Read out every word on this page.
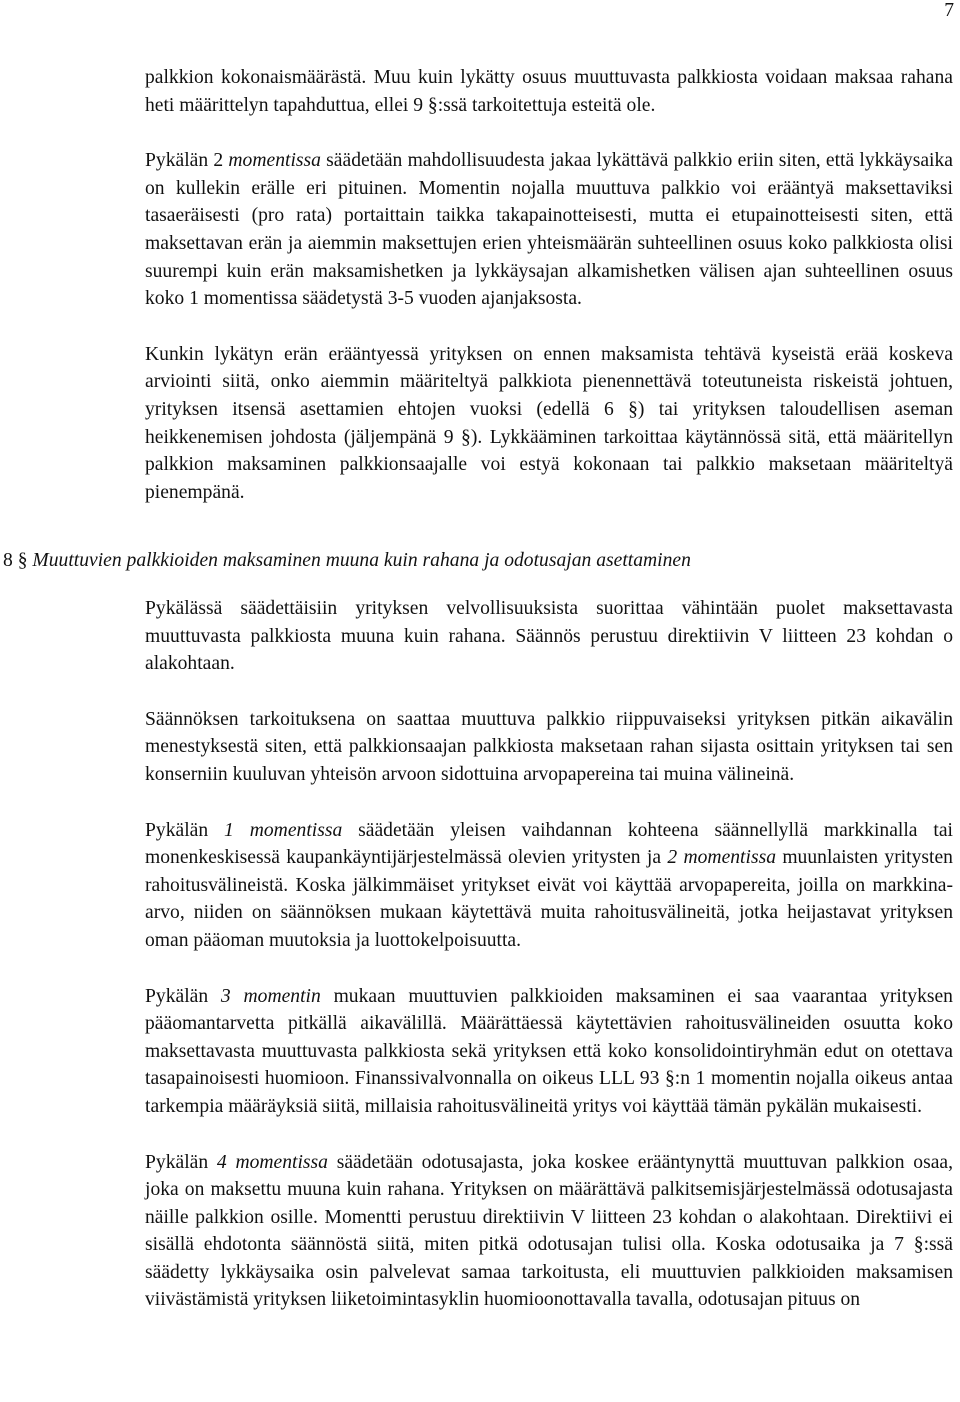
7

palkkion kokonaismäärästä. Muu kuin lykätty osuus muuttuvasta palkkiosta voidaan maksaa rahana heti määrittelyn tapahduttua, ellei 9 §:ssä tarkoitettuja esteitä ole.

Pykälän 2 momentissa säädetään mahdollisuudesta jakaa lykättävä palkkio eriin siten, että lykkäysaika on kullekin erälle eri pituinen. Momentin nojalla muuttuva palkkio voi erääntyä maksettaviksi tasaeräisesti (pro rata) portaittain taikka takapainotteisesti, mutta ei etupainotteisesti siten, että maksettavan erän ja aiemmin maksettujen erien yhteismäärän suhteellinen osuus koko palkkiosta olisi suurempi kuin erän maksamishetken ja lykkäysajan alkamishetken välisen ajan suhteellinen osuus koko 1 momentissa säädetystä 3-5 vuoden ajanjaksosta.

Kunkin lykätyn erän erääntyessä yrityksen on ennen maksamista tehtävä kyseistä erää koskeva arviointi siitä, onko aiemmin määriteltyä palkkiota pienennettävä toteutuneista riskeistä johtuen, yrityksen itsensä asettamien ehtojen vuoksi (edellä 6 §) tai yrityksen taloudellisen aseman heikkenemisen johdosta (jäljempänä 9 §). Lykkääminen tarkoittaa käytännössä sitä, että määritellyn palkkion maksaminen palkkionsaajalle voi estyä kokonaan tai palkkio maksetaan määriteltyä pienempänä.

8 § Muuttuvien palkkioiden maksaminen muuna kuin rahana ja odotusajan asettaminen

Pykälässä säädettäisiin yrityksen velvollisuuksista suorittaa vähintään puolet maksettavasta muuttuvasta palkkiosta muuna kuin rahana. Säännös perustuu direktiivin V liitteen 23 kohdan o alakohtaan.

Säännöksen tarkoituksena on saattaa muuttuva palkkio riippuvaiseksi yrityksen pitkän aikavälin menestyksestä siten, että palkkionsaajan palkkiosta maksetaan rahan sijasta osittain yrityksen tai sen konserniin kuuluvan yhteisön arvoon sidottuina arvopapereina tai muina välineinä.

Pykälän 1 momentissa säädetään yleisen vaihdannan kohteena säännellyllä markkinalla tai monenkeskisessä kaupankäyntijärjestelmässä olevien yritysten ja 2 momentissa muunlaisten yritysten rahoitusvälineistä. Koska jälkimmäiset yritykset eivät voi käyttää arvopapereita, joilla on markkina-arvo, niiden on säännöksen mukaan käytettävä muita rahoitusvälineitä, jotka heijastavat yrityksen oman pääoman muutoksia ja luottokelpoisuutta.

Pykälän 3 momentin mukaan muuttuvien palkkioiden maksaminen ei saa vaarantaa yrityksen pääomantarvetta pitkällä aikavälillä. Määrättäessä käytettävien rahoitusvälineiden osuutta koko maksettavasta muuttuvasta palkkiosta sekä yrityksen että koko konsolidointiryhmän edut on otettava tasapainoisesti huomioon. Finanssivalvonnalla on oikeus LLL 93 §:n 1 momentin nojalla oikeus antaa tarkempia määräyksiä siitä, millaisia rahoitusvälineitä yritys voi käyttää tämän pykälän mukaisesti.

Pykälän 4 momentissa säädetään odotusajasta, joka koskee erääntynyttä muuttuvan palkkion osaa, joka on maksettu muuna kuin rahana. Yrityksen on määrättävä palkitsemisjärjestelmässä odotusajasta näille palkkion osille. Momentti perustuu direktiivin V liitteen 23 kohdan o alakohtaan. Direktiivi ei sisällä ehdotonta säännöstä siitä, miten pitkä odotusajan tulisi olla. Koska odotusaika ja 7 §:ssä säädetty lykkäysaika osin palvelevat samaa tarkoitusta, eli muuttuvien palkkioiden maksamisen viivästämistä yrityksen liiketoimintasyklin huomioonottavalla tavalla, odotusajan pituus on
